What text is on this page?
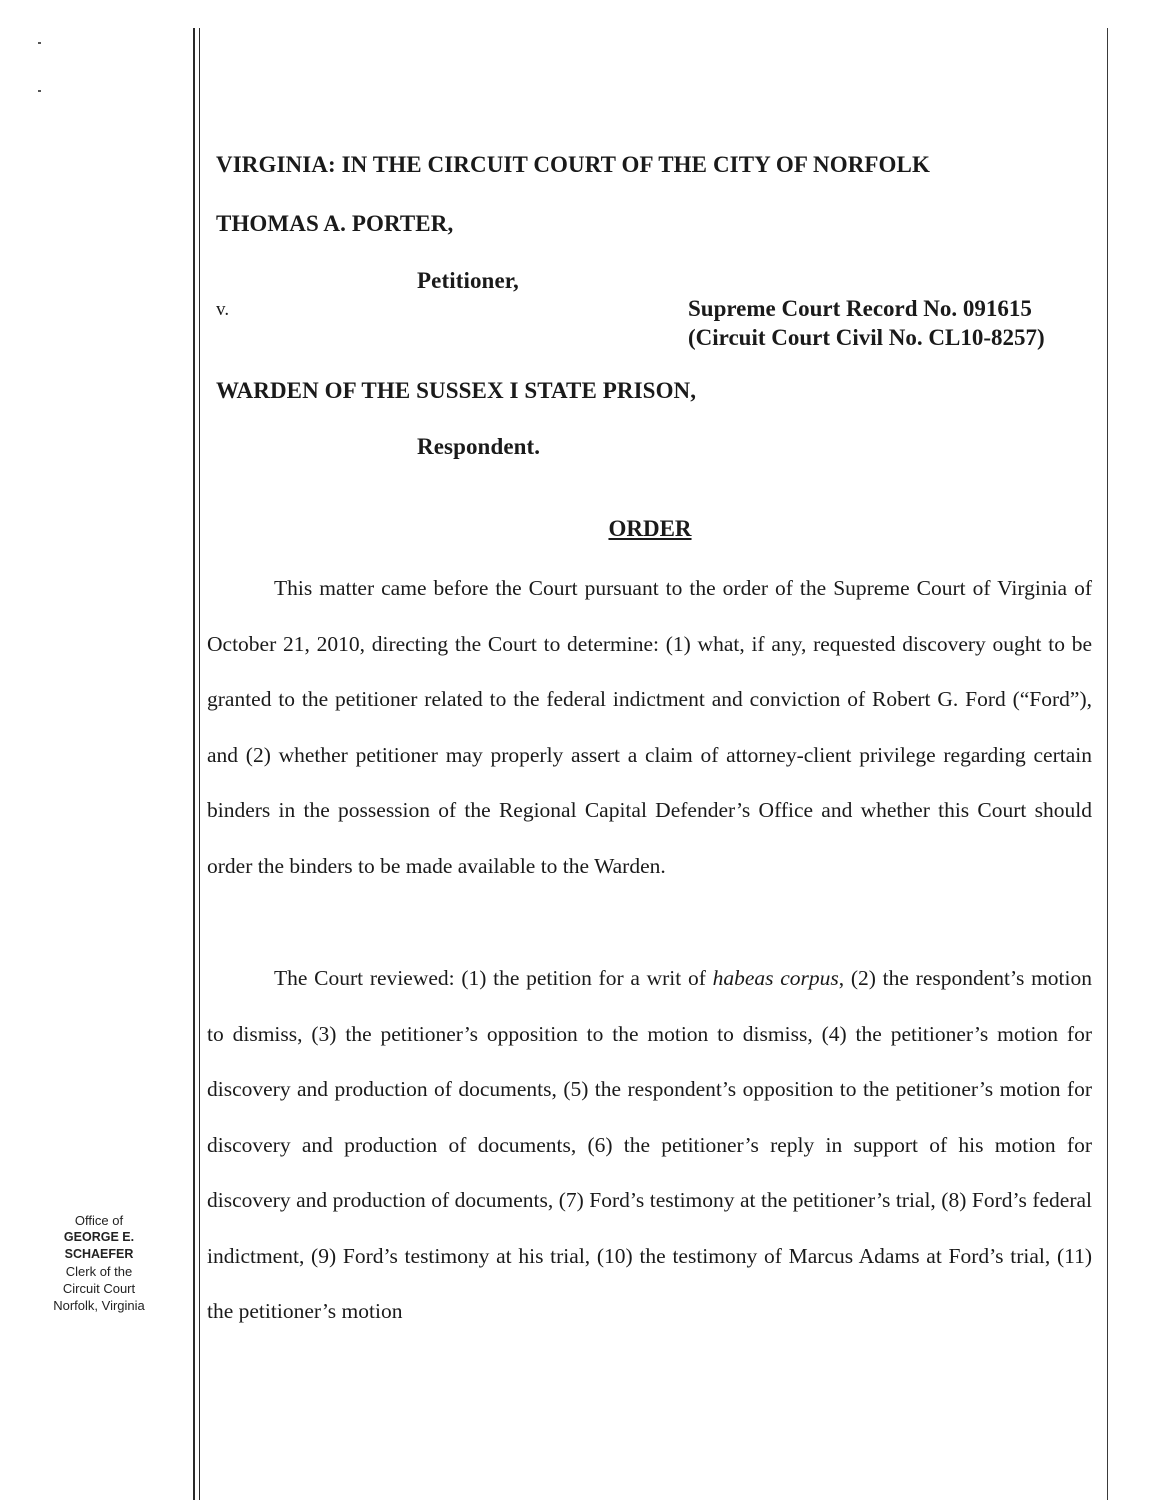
VIRGINIA: IN THE CIRCUIT COURT OF THE CITY OF NORFOLK
THOMAS A. PORTER,
Petitioner,
v.	Supreme Court Record No. 091615
(Circuit Court Civil No. CL10-8257)
WARDEN OF THE SUSSEX I STATE PRISON,
Respondent.
ORDER

This matter came before the Court pursuant to the order of the Supreme Court of Virginia of October 21, 2010, directing the Court to determine: (1) what, if any, requested discovery ought to be granted to the petitioner related to the federal indictment and conviction of Robert G. Ford (“Ford”), and (2) whether petitioner may properly assert a claim of attorney-client privilege regarding certain binders in the possession of the Regional Capital Defender’s Office and whether this Court should order the binders to be made available to the Warden.

The Court reviewed: (1) the petition for a writ of habeas corpus, (2) the respondent’s motion to dismiss, (3) the petitioner’s opposition to the motion to dismiss, (4) the petitioner’s motion for discovery and production of documents, (5) the respondent’s opposition to the petitioner’s motion for discovery and production of documents, (6) the petitioner’s reply in support of his motion for discovery and production of documents, (7) Ford’s testimony at the petitioner’s trial, (8) Ford’s federal indictment, (9) Ford’s testimony at his trial, (10) the testimony of Marcus Adams at Ford’s trial, (11) the petitioner’s motion

Office of
GEORGE E. SCHAEFER
Clerk of the
Circuit Court
Norfolk, Virginia
